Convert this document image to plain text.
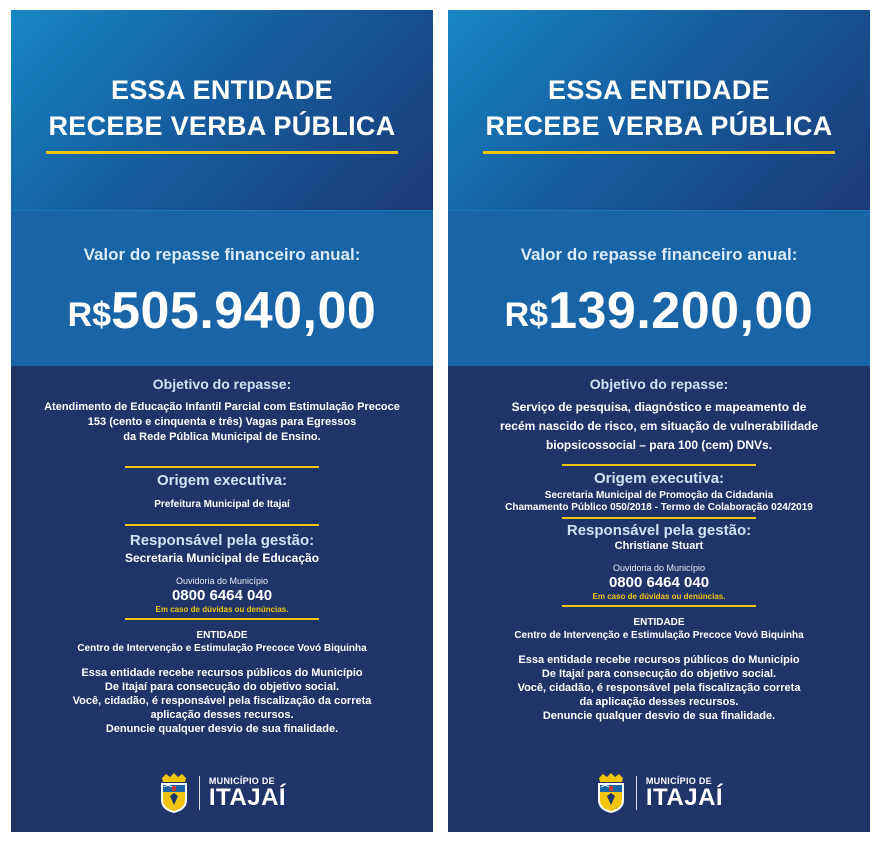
ESSA ENTIDADE
RECEBE VERBA PÚBLICA
Valor do repasse financeiro anual:
R$505.940,00
Objetivo do repasse:
Atendimento de Educação Infantil Parcial com Estimulação Precoce
153 (cento e cinquenta e três) Vagas para Egressos
da Rede Pública Municipal de Ensino.
Origem executiva:
Prefeitura Municipal de Itajaí
Responsável pela gestão:
Secretaria Municipal de Educação
Ouvidoria do Município
0800 6464 040
Em caso de dúvidas ou denúncias.
ENTIDADE
Centro de Intervenção e Estimulação Precoce Vovó Biquinha
Essa entidade recebe recursos públicos do Município
De Itajaí para consecução do objetivo social.
Você, cidadão, é responsável pela fiscalização da correta
aplicação desses recursos.
Denuncie qualquer desvio de sua finalidade.
MUNICÍPIO DE
ITAJAÍ
ESSA ENTIDADE
RECEBE VERBA PÚBLICA
Valor do repasse financeiro anual:
R$139.200,00
Objetivo do repasse:
Serviço de pesquisa, diagnóstico e mapeamento de
recém nascido de risco, em situação de vulnerabilidade
biopsicossocial – para 100 (cem) DNVs.
Origem executiva:
Secretaria Municipal de Promoção da Cidadania
Chamamento Público 050/2018 - Termo de Colaboração 024/2019
Responsável pela gestão:
Christiane Stuart
Ouvidoria do Município
0800 6464 040
Em caso de dúvidas ou denúncias.
ENTIDADE
Centro de Intervenção e Estimulação Precoce Vovó Biquinha
Essa entidade recebe recursos públicos do Município
De Itajaí para consecução do objetivo social.
Você, cidadão, é responsável pela fiscalização correta
da aplicação desses recursos.
Denuncie qualquer desvio de sua finalidade.
MUNICÍPIO DE
ITAJAÍ
